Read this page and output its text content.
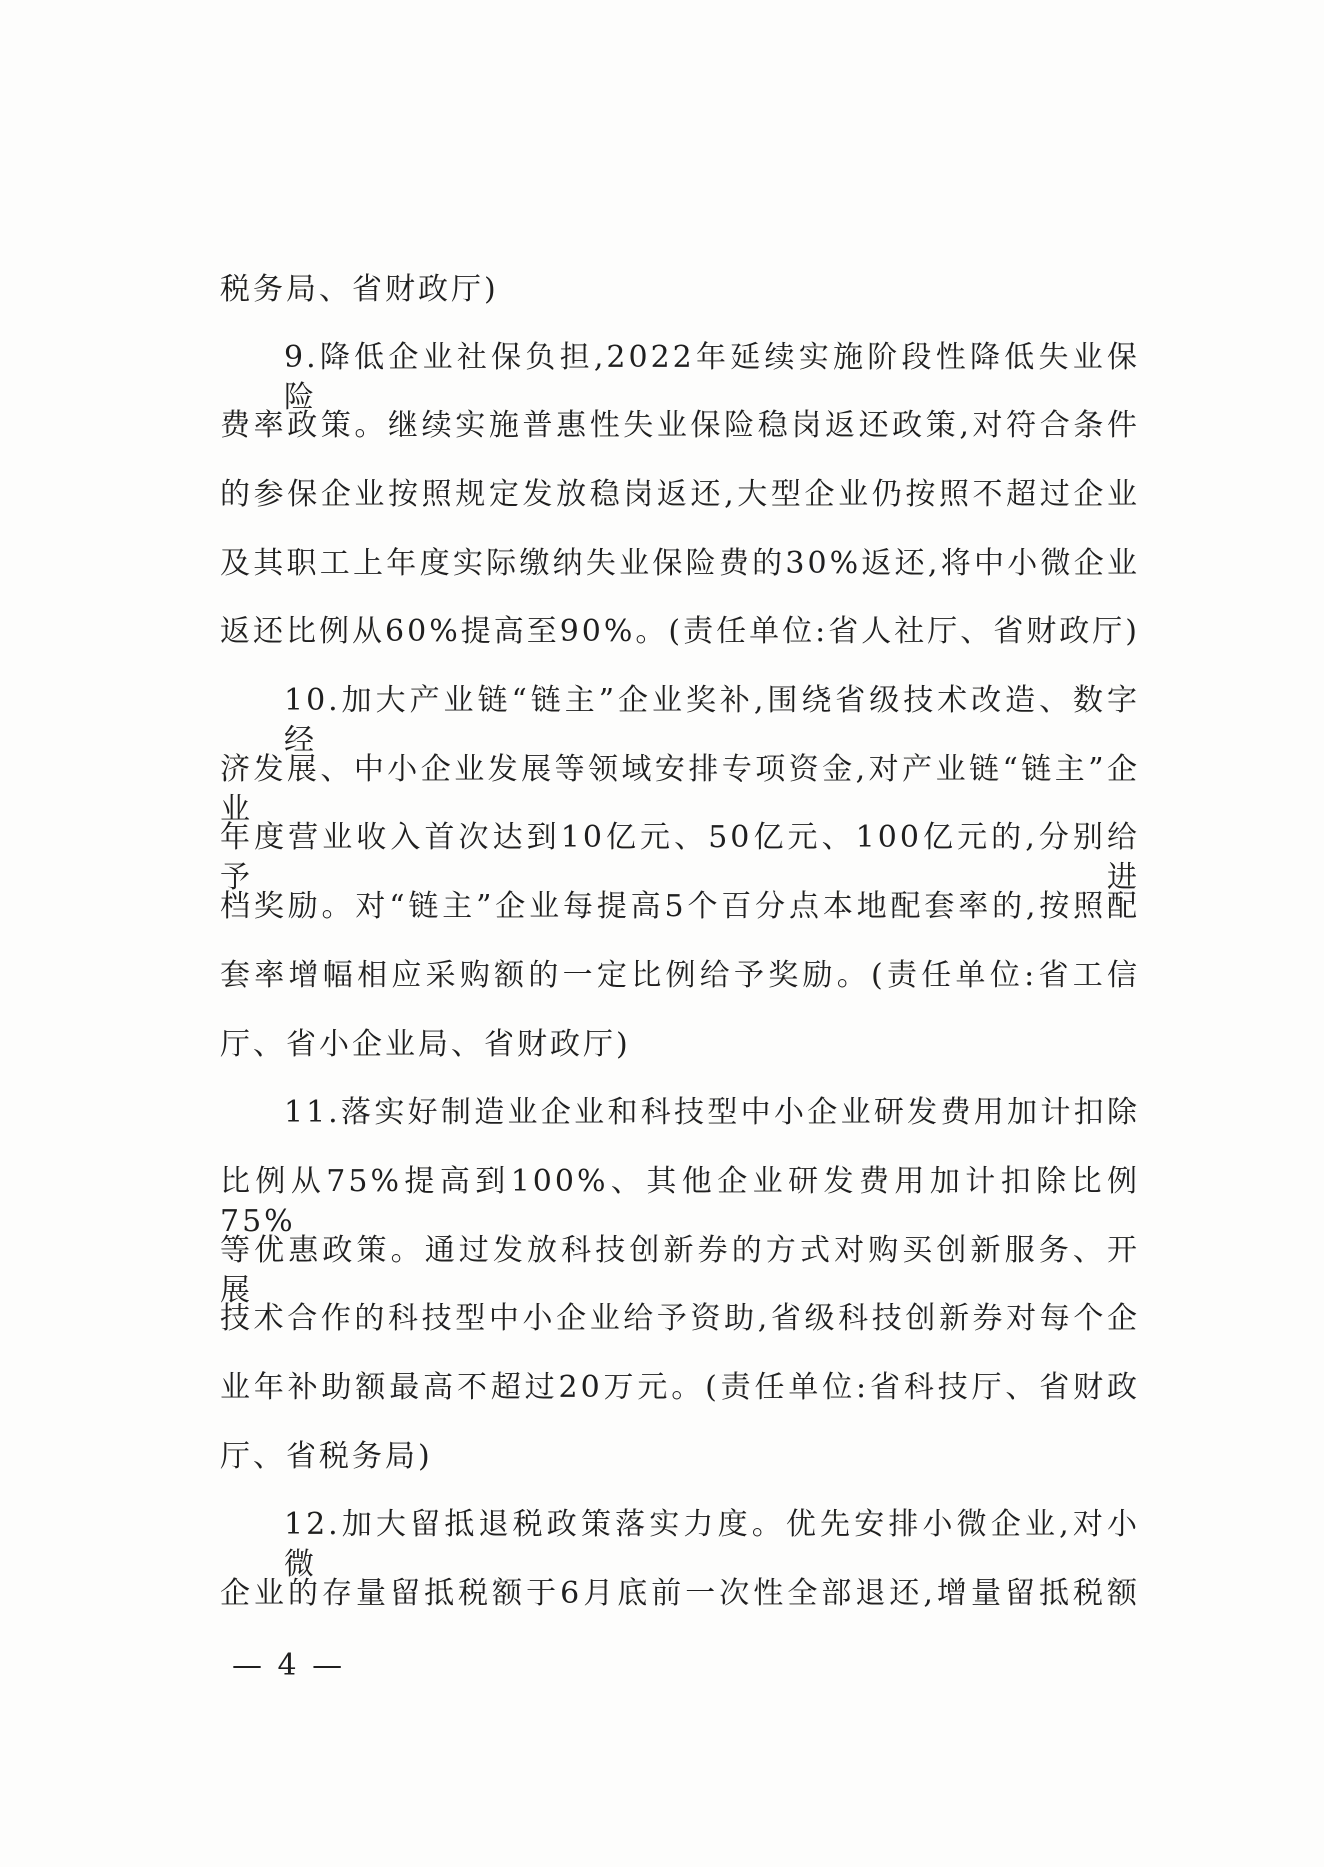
税务局、省财政厅)
9.降低企业社保负担,2022年延续实施阶段性降低失业保险
费率政策。继续实施普惠性失业保险稳岗返还政策,对符合条件
的参保企业按照规定发放稳岗返还,大型企业仍按照不超过企业
及其职工上年度实际缴纳失业保险费的30%返还,将中小微企业
返还比例从60%提高至90%。(责任单位:省人社厅、省财政厅)
10.加大产业链“链主”企业奖补,围绕省级技术改造、数字经
济发展、中小企业发展等领域安排专项资金,对产业链“链主”企业
年度营业收入首次达到10亿元、50亿元、100亿元的,分别给予进
档奖励。对“链主”企业每提高5个百分点本地配套率的,按照配
套率增幅相应采购额的一定比例给予奖励。(责任单位:省工信
厅、省小企业局、省财政厅)
11.落实好制造业企业和科技型中小企业研发费用加计扣除
比例从75%提高到100%、其他企业研发费用加计扣除比例75%
等优惠政策。通过发放科技创新券的方式对购买创新服务、开展
技术合作的科技型中小企业给予资助,省级科技创新券对每个企
业年补助额最高不超过20万元。(责任单位:省科技厅、省财政
厅、省税务局)
12.加大留抵退税政策落实力度。优先安排小微企业,对小微
企业的存量留抵税额于6月底前一次性全部退还,增量留抵税额
— 4 —
